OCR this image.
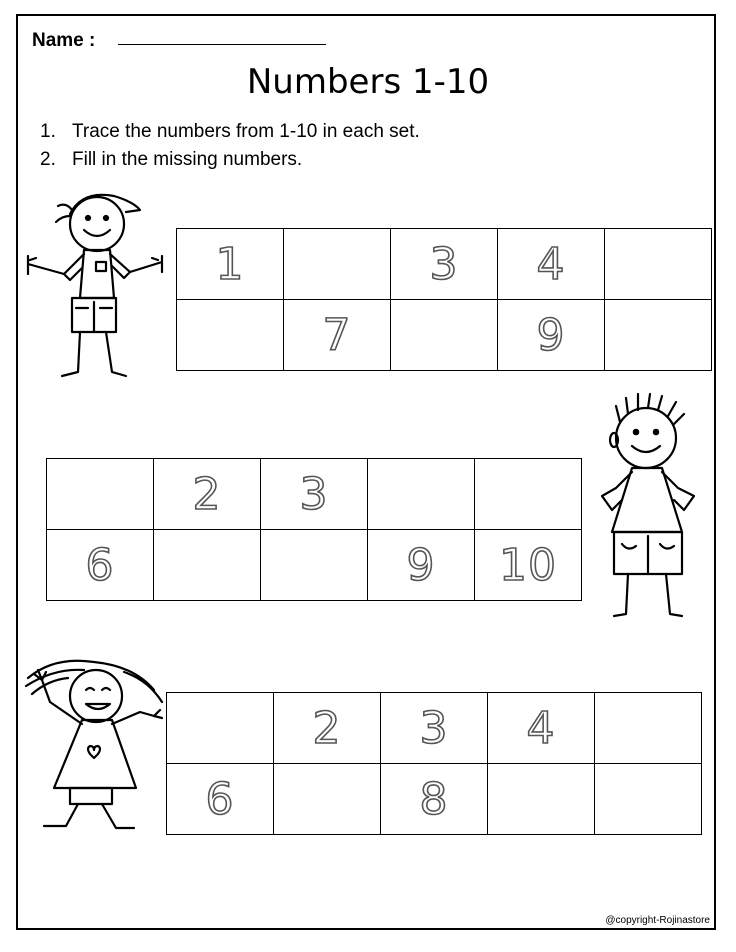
Name :
Numbers 1-10
1. Trace the numbers from 1-10 in each set.
2. Fill in the missing numbers.
1		3	4	
	7		9	
	2	3		
6			9	10
	2	3	4	
6		8		
@copyright-Rojinastore
